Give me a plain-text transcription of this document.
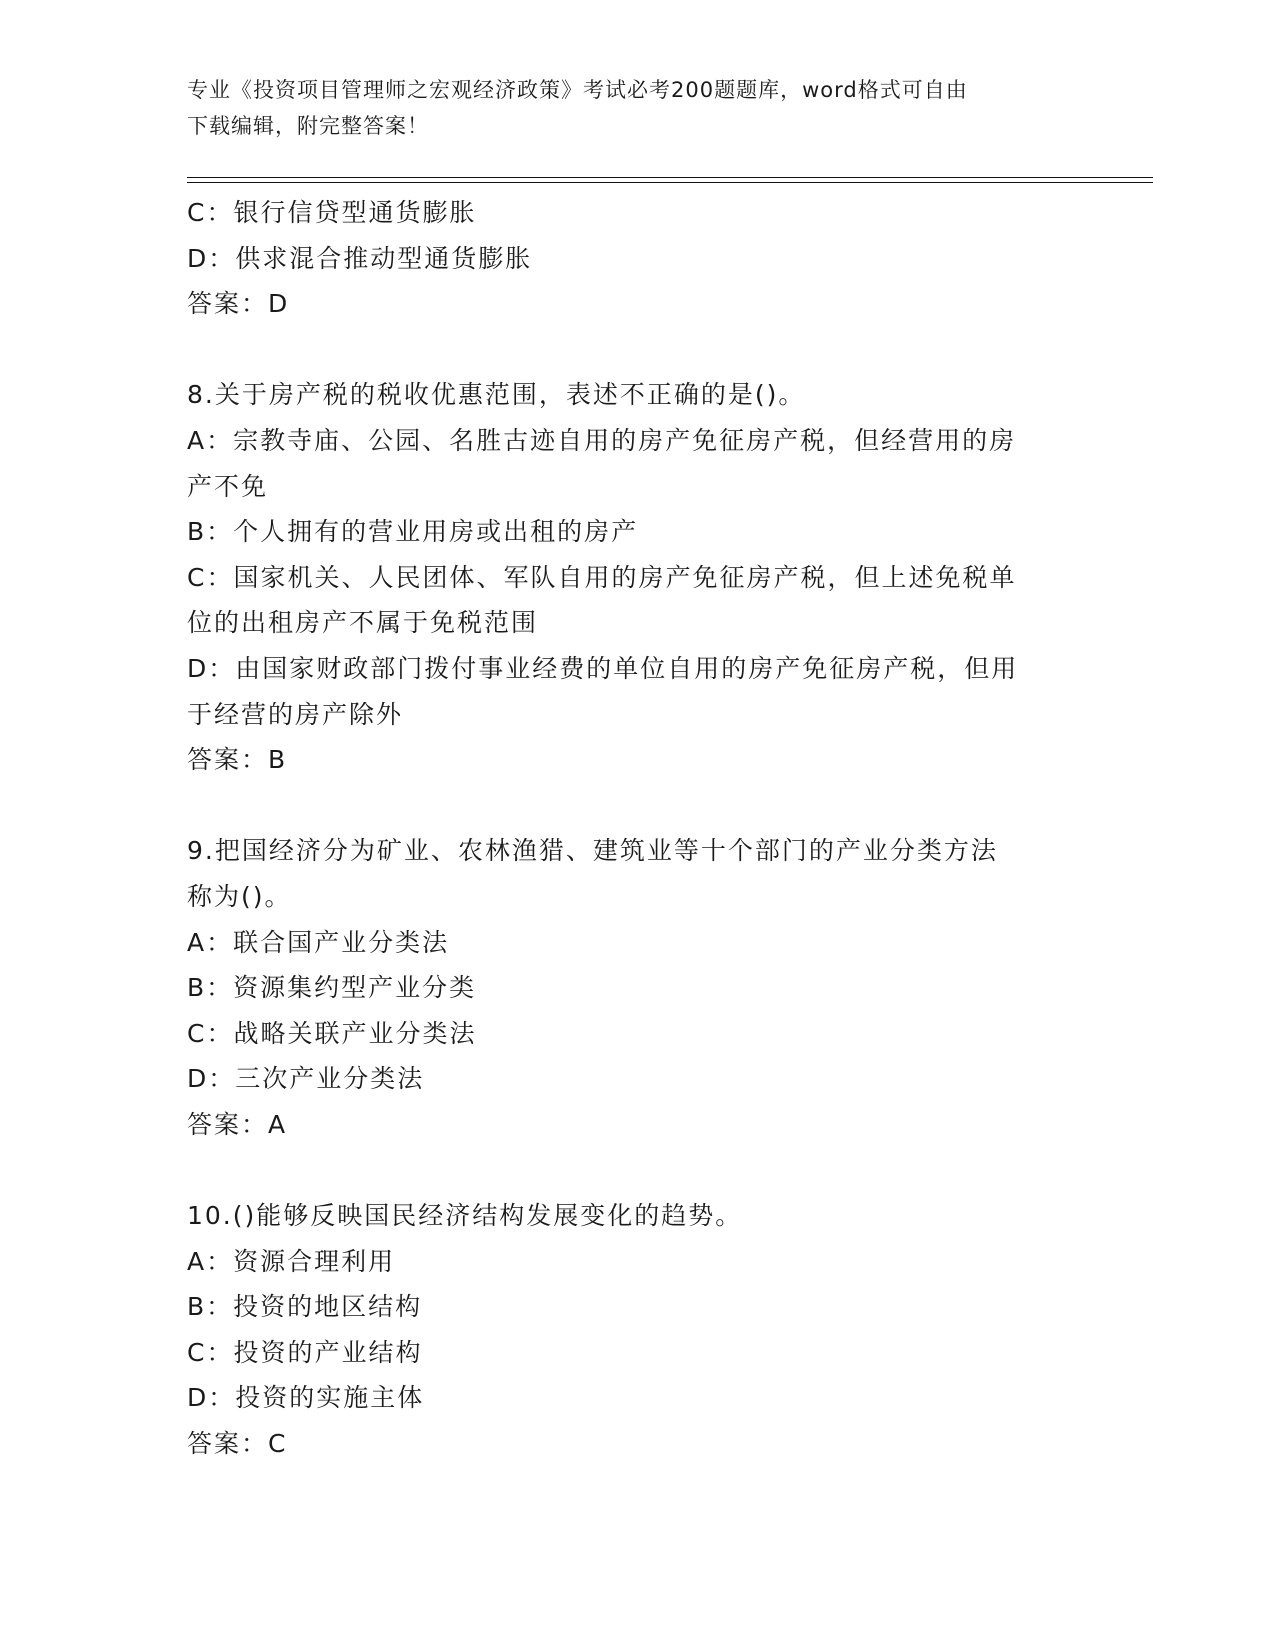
专业《投资项目管理师之宏观经济政策》考试必考200题题库，word格式可自由
下载编辑，附完整答案！
C：银行信贷型通货膨胀
D：供求混合推动型通货膨胀
答案：D
8.关于房产税的税收优惠范围，表述不正确的是()。
A：宗教寺庙、公园、名胜古迹自用的房产免征房产税，但经营用的房
产不免
B：个人拥有的营业用房或出租的房产
C：国家机关、人民团体、军队自用的房产免征房产税，但上述免税单
位的出租房产不属于免税范围
D：由国家财政部门拨付事业经费的单位自用的房产免征房产税，但用
于经营的房产除外
答案：B
9.把国经济分为矿业、农林渔猎、建筑业等十个部门的产业分类方法
称为()。
A：联合国产业分类法
B：资源集约型产业分类
C：战略关联产业分类法
D：三次产业分类法
答案：A
10.()能够反映国民经济结构发展变化的趋势。
A：资源合理利用
B：投资的地区结构
C：投资的产业结构
D：投资的实施主体
答案：C
